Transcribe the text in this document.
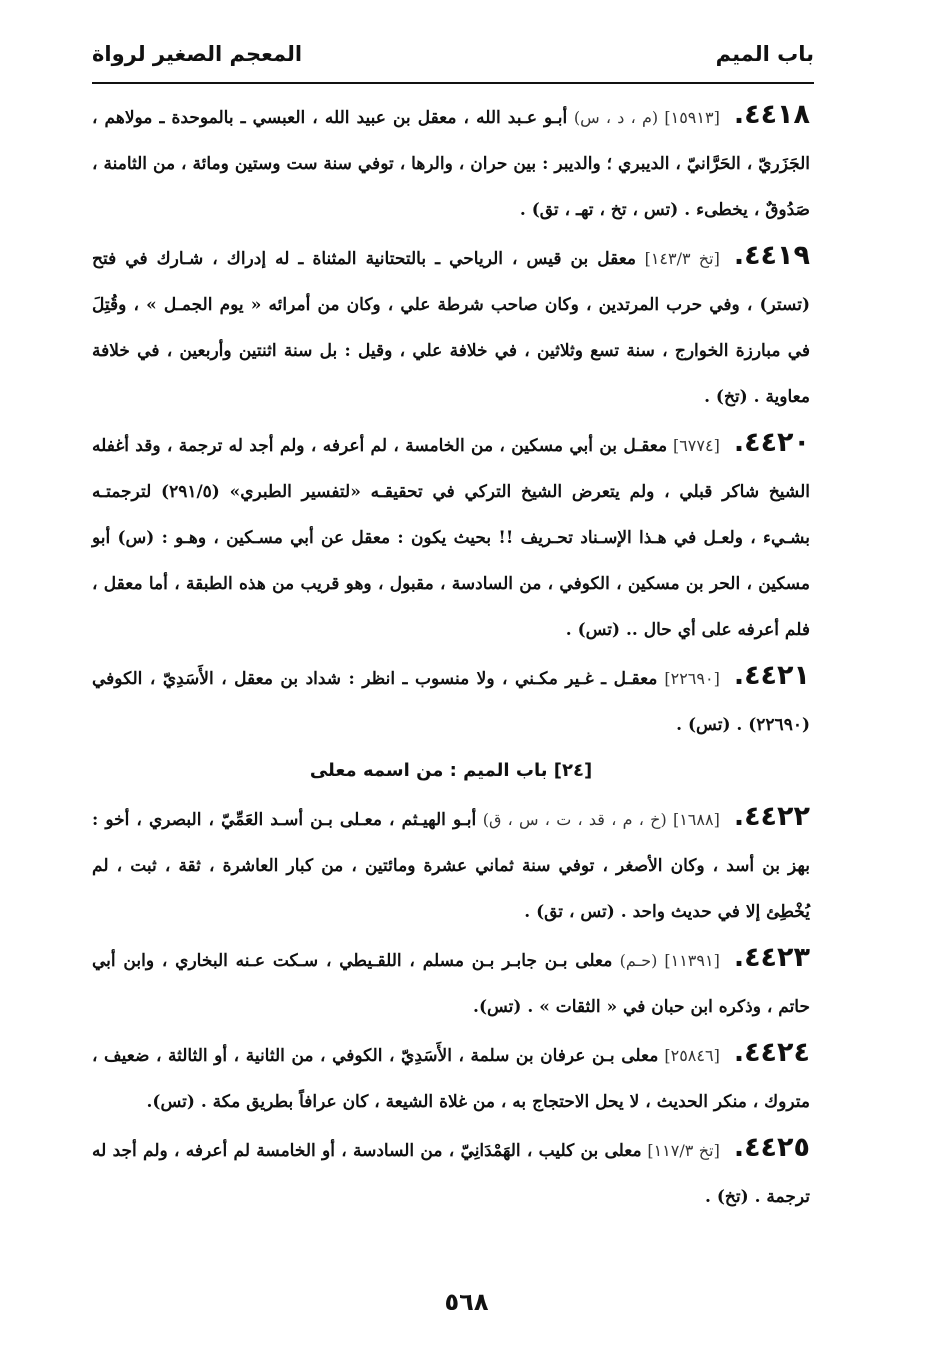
باب الميم
المعجم الصغير لرواة

٤٤١٨.[١٥٩١٣] (م ، د ، س) أبـو عـبد الله ، معقل بن عبيد الله ، العبسي ـ بالموحدة ـ مولاهم ، الجَزَريّ ، الحَرَّانيّ ، الديبري ؛ والديبر : بين حران ، والرها ، توفي سنة ست وستين ومائة ، من الثامنة ، صَدُوقٌ ، يخطىء . (تس ، تخ ، تهـ ، تق) .

٤٤١٩.[تخ ١٤٣/٣] معقل بن قيس ، الرياحي ـ بالتحتانية المثناة ـ له إدراك ، شـارك في فتح (تستر) ، وفي حرب المرتدين ، وكان صاحب شرطة علي ، وكان من أمرائه « يوم الجمـل » ، وقُتِلَ في مبارزة الخوارج ، سنة تسع وثلاثين ، في خلافة علي ، وقيل : بل سنة اثنتين وأربعين ، في خلافة معاوية . (تخ) .

٤٤٢٠.[٦٧٧٤] معقـل بن أبي مسكين ، من الخامسة ، لم أعرفه ، ولم أجد له ترجمة ، وقد أغفله الشيخ شاكر قبلي ، ولم يتعرض الشيخ التركي في تحقيقـه «لتفسير الطبري» (٢٩١/٥) لترجمتـه بشـيء ، ولعـل في هـذا الإسـناد تحـريف !! بحيث يكون : معقل عن أبي مسـكين ، وهـو : (س) أبو مسكين ، الحر بن مسكين ، الكوفي ، من السادسة ، مقبول ، وهو قريب من هذه الطبقة ، أما معقل ، فلم أعرفه على أي حال .. (تس) .

٤٤٢١.[٢٢٦٩٠] معقـل ـ غـير مكـني ، ولا منسوب ـ انظر : شداد بن معقل ، الأَسَدِيّ ، الكوفي (٢٢٦٩٠) . (تس) .

[٢٤] باب الميم : من اسمه معلى

٤٤٢٢.[١٦٨٨] (خ ، م ، قد ، ت ، س ، ق) أبـو الهيـثم ، معـلى بـن أسـد العَمِّيّ ، البصري ، أخو : بهز بن أسد ، وكان الأصغر ، توفي سنة ثماني عشرة ومائتين ، من كبار العاشرة ، ثقة ، ثبت ، لم يُخْطِئ إلا في حديث واحد . (تس ، تق) .

٤٤٢٣.[١١٣٩١] (حـم) معلى بـن جابـر بـن مسلم ، اللقـيطي ، سـكت عـنه البخاري ، وابن أبي حاتم ، وذكره ابن حبان في « الثقات » . (تس).

٤٤٢٤.[٢٥٨٤٦] معلى بـن عرفان بن سلمة ، الأَسَدِيّ ، الكوفي ، من الثانية ، أو الثالثة ، ضعيف ، متروك ، منكر الحديث ، لا يحل الاحتجاج به ، من غلاة الشيعة ، كان عرافاً بطريق مكة . (تس).

٤٤٢٥.[تخ ١١٧/٣] معلى بن كليب ، الهَمْدَانِيّ ، من السادسة ، أو الخامسة لم أعرفه ، ولم أجد له ترجمة . (تخ) .

٥٦٨
